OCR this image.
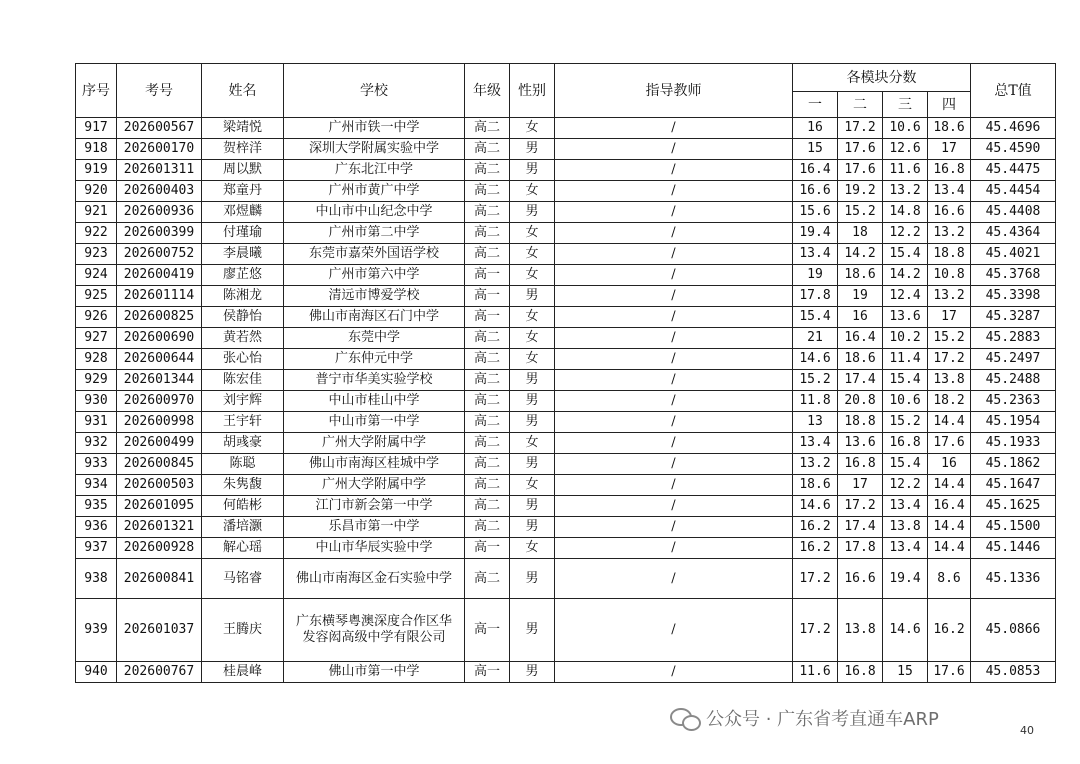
序号	考号	姓名	学校	年级	性别	指导教师	各模块分数				总T值
							一	二	三	四	
917	202600567	梁靖悦	广州市铁一中学	高二	女	/	16	17.2	10.6	18.6	45.4696
918	202600170	贺梓洋	深圳大学附属实验中学	高二	男	/	15	17.6	12.6	17	45.4590
919	202601311	周以默	广东北江中学	高二	男	/	16.4	17.6	11.6	16.8	45.4475
920	202600403	郑童丹	广州市黄广中学	高二	女	/	16.6	19.2	13.2	13.4	45.4454
921	202600936	邓煜麟	中山市中山纪念中学	高二	男	/	15.6	15.2	14.8	16.6	45.4408
922	202600399	付瑾瑜	广州市第二中学	高二	女	/	19.4	18	12.2	13.2	45.4364
923	202600752	李晨曦	东莞市嘉荣外国语学校	高二	女	/	13.4	14.2	15.4	18.8	45.4021
924	202600419	廖芷悠	广州市第六中学	高一	女	/	19	18.6	14.2	10.8	45.3768
925	202601114	陈湘龙	清远市博爱学校	高一	男	/	17.8	19	12.4	13.2	45.3398
926	202600825	侯静怡	佛山市南海区石门中学	高一	女	/	15.4	16	13.6	17	45.3287
927	202600690	黄若然	东莞中学	高二	女	/	21	16.4	10.2	15.2	45.2883
928	202600644	张心怡	广东仲元中学	高二	女	/	14.6	18.6	11.4	17.2	45.2497
929	202601344	陈宏佳	普宁市华美实验学校	高二	男	/	15.2	17.4	15.4	13.8	45.2488
930	202600970	刘宇辉	中山市桂山中学	高二	男	/	11.8	20.8	10.6	18.2	45.2363
931	202600998	王宇轩	中山市第一中学	高二	男	/	13	18.8	15.2	14.4	45.1954
932	202600499	胡彧豪	广州大学附属中学	高二	女	/	13.4	13.6	16.8	17.6	45.1933
933	202600845	陈聪	佛山市南海区桂城中学	高二	男	/	13.2	16.8	15.4	16	45.1862
934	202600503	朱隽馥	广州大学附属中学	高二	女	/	18.6	17	12.2	14.4	45.1647
935	202601095	何皓彬	江门市新会第一中学	高二	男	/	14.6	17.2	13.4	16.4	45.1625
936	202601321	潘培灏	乐昌市第一中学	高二	男	/	16.2	17.4	13.8	14.4	45.1500
937	202600928	解心瑶	中山市华辰实验中学	高一	女	/	16.2	17.8	13.4	14.4	45.1446
938	202600841	马铭睿	佛山市南海区金石实验中学	高二	男	/	17.2	16.6	19.4	8.6	45.1336
939	202601037	王腾庆	广东横琴粤澳深度合作区华发容闳高级中学有限公司	高一	男	/	17.2	13.8	14.6	16.2	45.0866
940	202600767	桂晨峰	佛山市第一中学	高一	男	/	11.6	16.8	15	17.6	45.0853
公众号 · 广东省考直通车ARP
40
